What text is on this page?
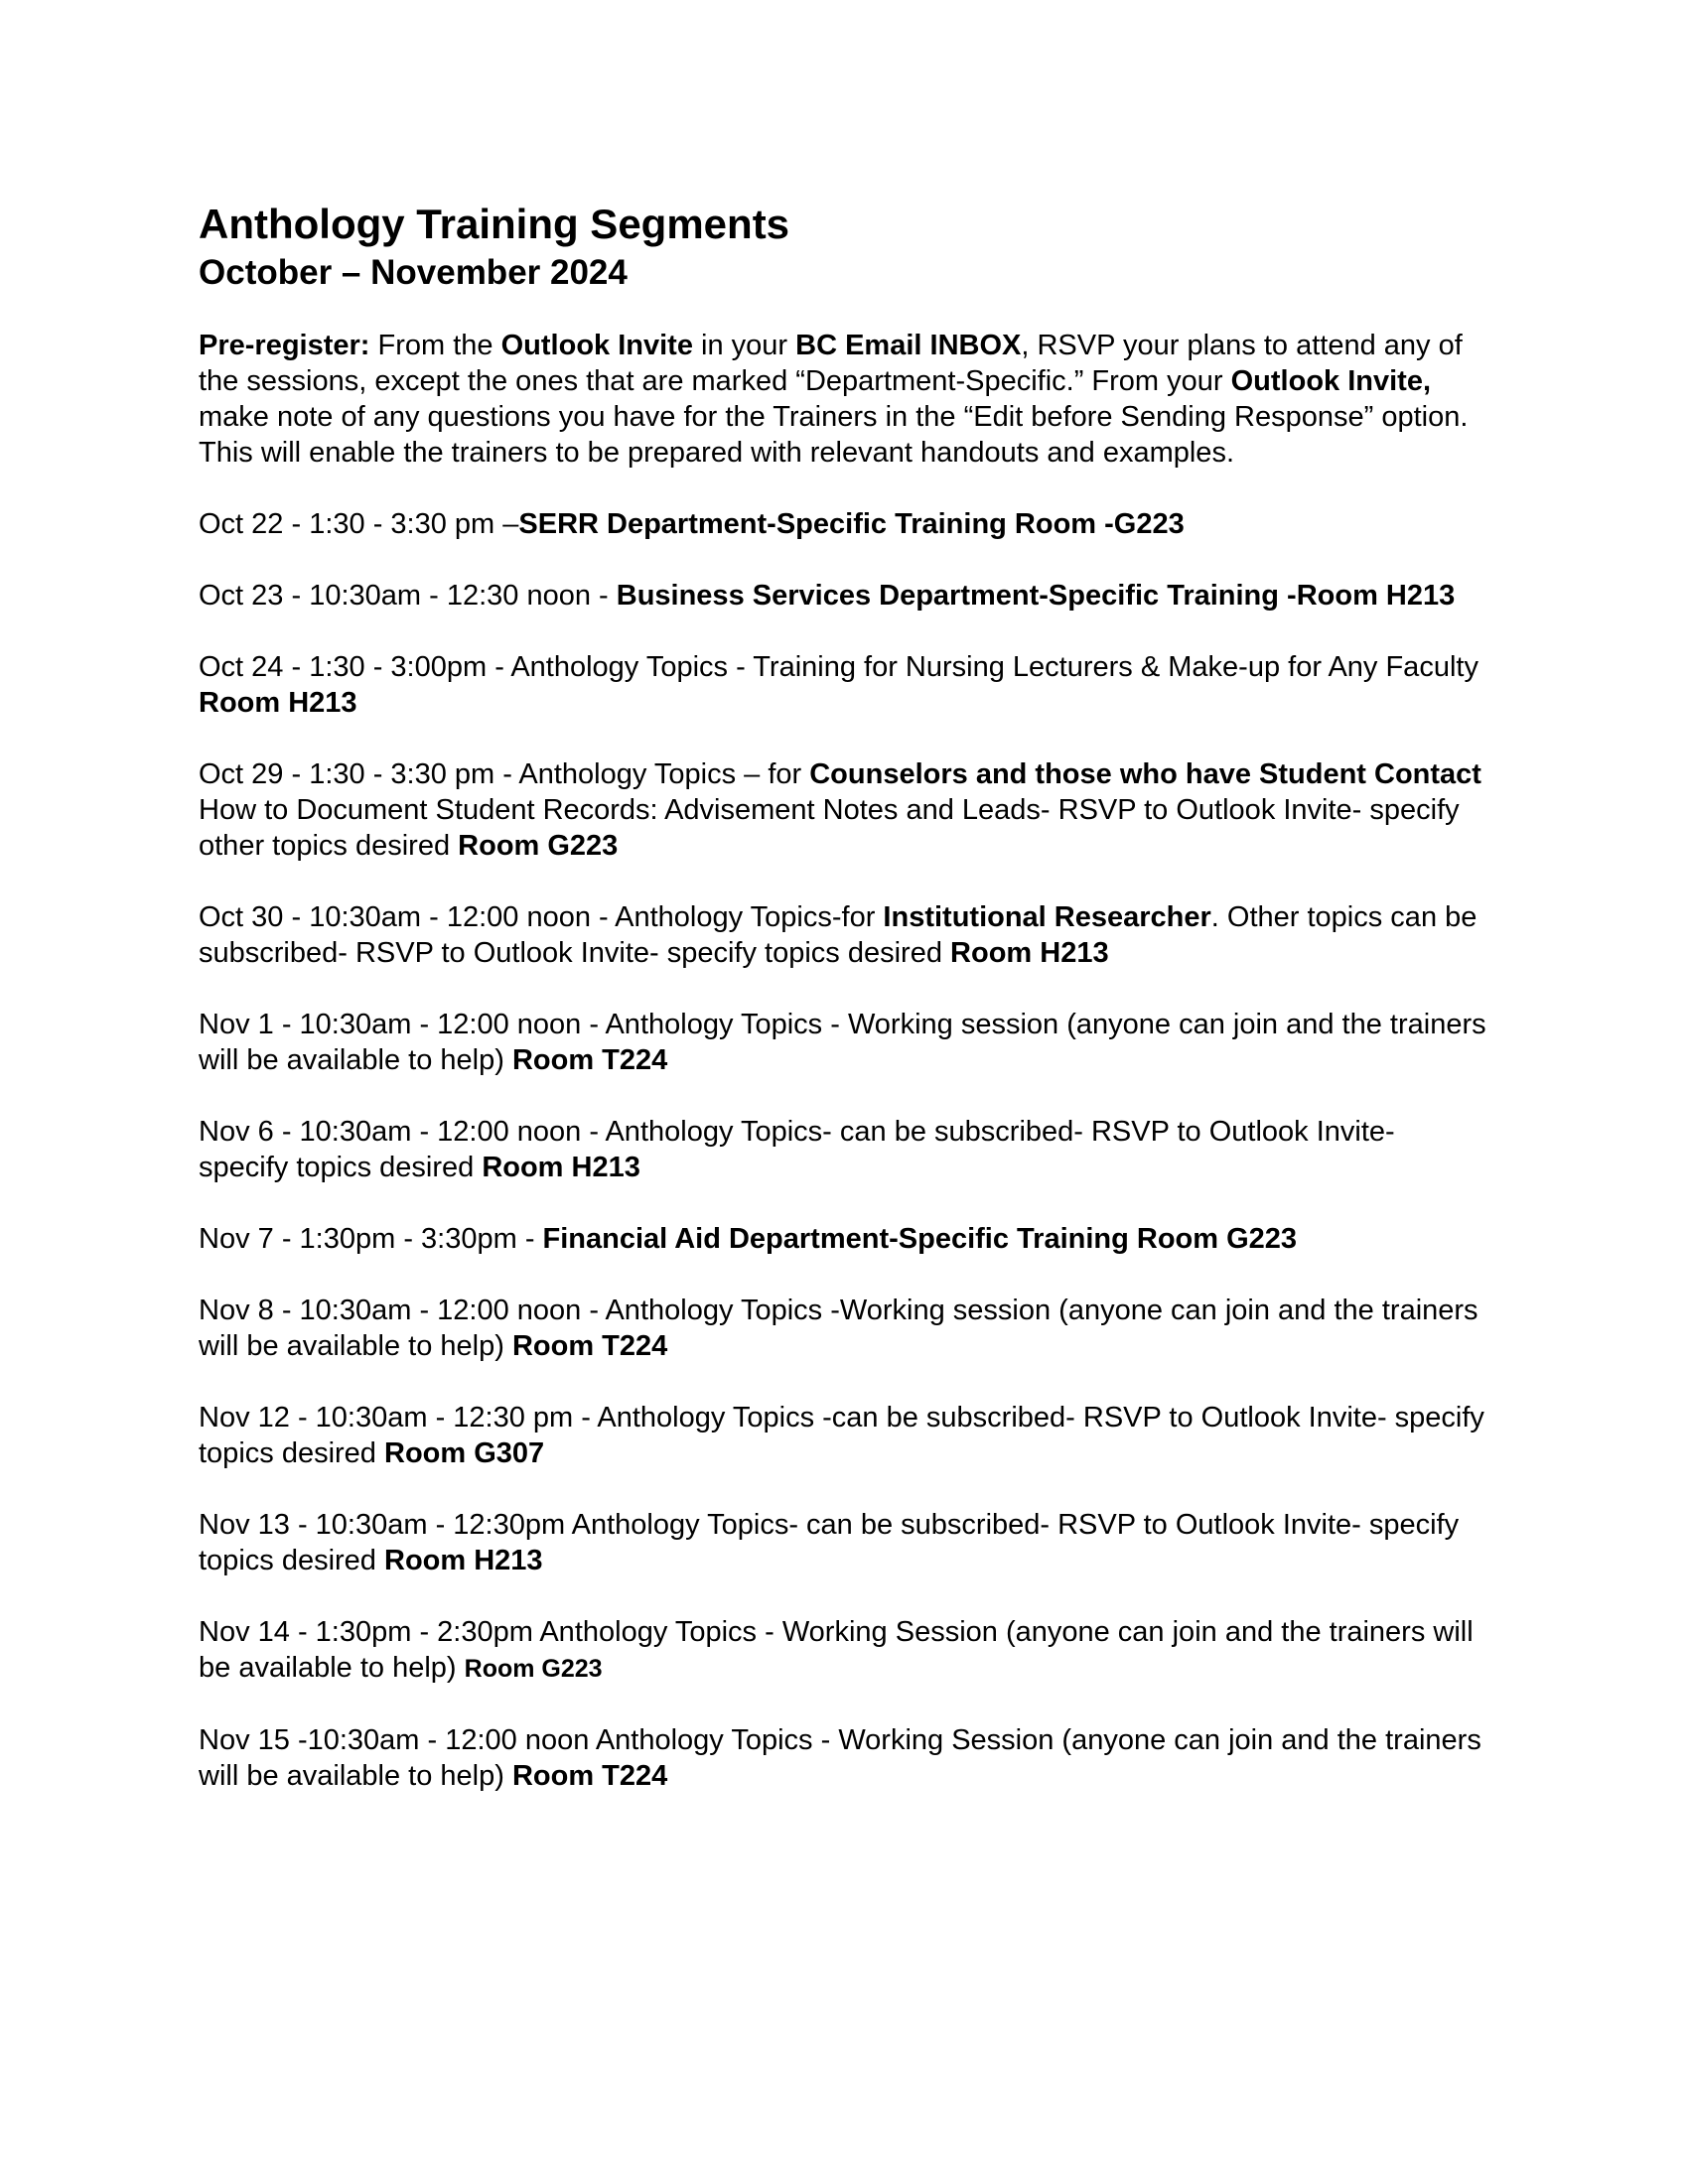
Anthology Training Segments
October – November 2024

Pre-register: From the Outlook Invite in your BC Email INBOX, RSVP your plans to attend any of the sessions, except the ones that are marked “Department-Specific.” From your Outlook Invite, make note of any questions you have for the Trainers in the “Edit before Sending Response” option. This will enable the trainers to be prepared with relevant handouts and examples.

Oct 22 - 1:30 - 3:30 pm –SERR Department-Specific Training Room -G223

Oct 23 - 10:30am - 12:30 noon - Business Services Department-Specific Training -Room H213

Oct 24 - 1:30 - 3:00pm - Anthology Topics - Training for Nursing Lecturers & Make-up for Any Faculty Room H213

Oct 29 - 1:30 - 3:30 pm - Anthology Topics – for Counselors and those who have Student Contact How to Document Student Records: Advisement Notes and Leads- RSVP to Outlook Invite- specify other topics desired Room G223

Oct 30 - 10:30am - 12:00 noon - Anthology Topics-for Institutional Researcher. Other topics can be subscribed- RSVP to Outlook Invite- specify topics desired Room H213

Nov 1 - 10:30am - 12:00 noon - Anthology Topics - Working session (anyone can join and the trainers will be available to help) Room T224

Nov 6 - 10:30am - 12:00 noon - Anthology Topics- can be subscribed- RSVP to Outlook Invite- specify topics desired Room H213

Nov 7 - 1:30pm - 3:30pm - Financial Aid Department-Specific Training Room G223

Nov 8 - 10:30am - 12:00 noon - Anthology Topics -Working session (anyone can join and the trainers will be available to help) Room T224

Nov 12 - 10:30am - 12:30 pm - Anthology Topics -can be subscribed- RSVP to Outlook Invite- specify topics desired Room G307

Nov 13 - 10:30am - 12:30pm Anthology Topics- can be subscribed- RSVP to Outlook Invite- specify topics desired Room H213

Nov 14 - 1:30pm - 2:30pm Anthology Topics - Working Session (anyone can join and the trainers will be available to help) Room G223

Nov 15 -10:30am - 12:00 noon Anthology Topics - Working Session (anyone can join and the trainers will be available to help) Room T224
